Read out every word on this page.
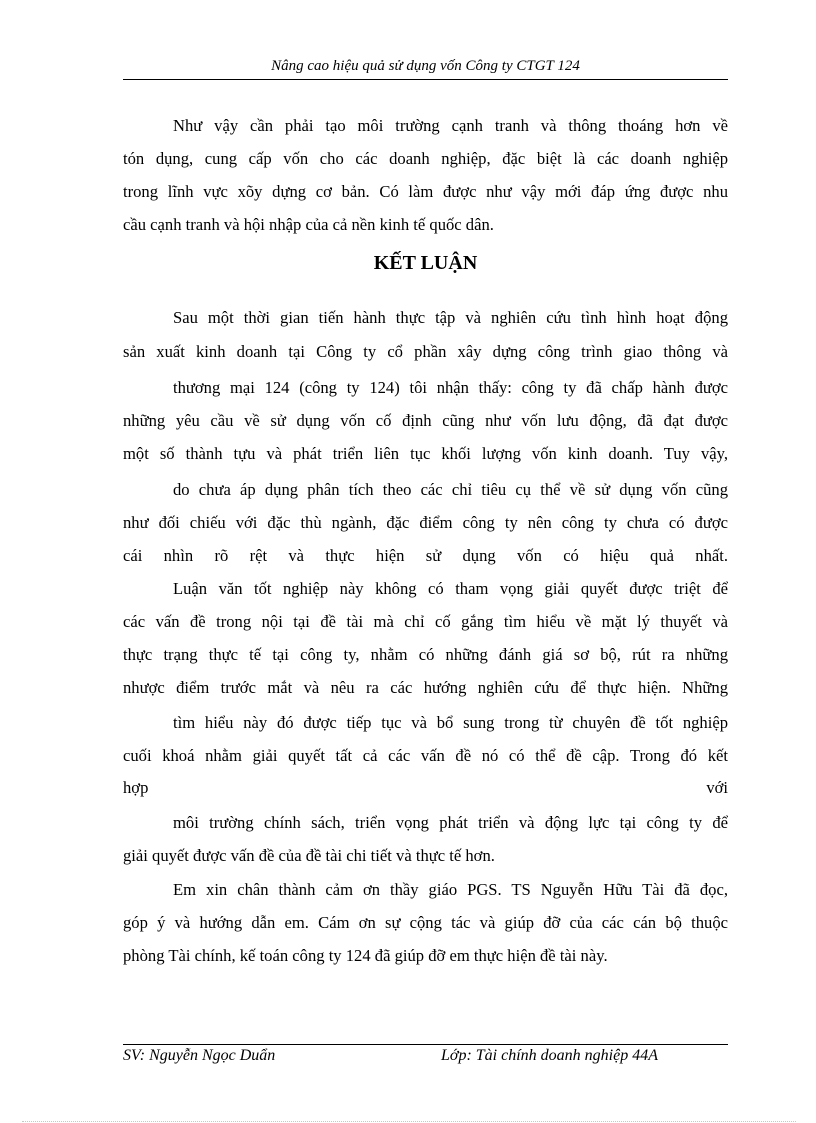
Nâng cao hiệu quả sử dụng vốn Công ty CTGT 124
Như vậy cần phải tạo môi trường cạnh tranh và thông thoáng hơn về
tón dụng, cung cấp vốn cho các doanh nghiệp, đặc biệt là các doanh nghiệp
trong lĩnh vực xõy dựng cơ bản. Có làm được như vậy mới đáp ứng được nhu
cầu cạnh tranh và hội nhập của cả nền kinh tế quốc dân.
KẾT LUẬN
Sau một thời gian tiến hành thực tập và nghiên cứu tình hình hoạt động
sản xuất kinh doanh tại Công ty cổ phần xây dựng công trình giao thông và
thương mại 124 (công ty 124) tôi nhận thấy: công ty đã chấp hành được
những yêu cầu về sử dụng vốn cố định cũng như vốn lưu động, đã đạt được
một số thành tựu và phát triển liên tục khối lượng vốn kinh doanh. Tuy vậy,
do chưa áp dụng phân tích theo các chỉ tiêu cụ thể về sử dụng vốn cũng
như đối chiếu với đặc thù ngành, đặc điểm công ty nên công ty chưa có được
cái nhìn rõ rệt và thực hiện sử dụng vốn có hiệu quả nhất.
Luận văn tốt nghiệp này không có tham vọng giải quyết được triệt để
các vấn đề trong nội tại đề tài mà chỉ cố gắng tìm hiểu về mặt lý thuyết và
thực trạng thực tế tại công ty, nhằm có những đánh giá sơ bộ, rút ra những
nhược điểm trước mắt và nêu ra các hướng nghiên cứu để thực hiện. Những
tìm hiểu này đó được tiếp tục và bổ sung trong từ chuyên đề tốt nghiệp
cuối khoá nhằm giải quyết tất cả các vấn đề nó có thể đề cập. Trong đó kết
hợp với
môi trường chính sách, triển vọng phát triển và động lực tại công ty để
giải quyết được vấn đề của đề tài chi tiết và thực tế hơn.
Em xin chân thành cảm ơn thầy giáo PGS. TS Nguyễn Hữu Tài đã đọc,
góp ý và hướng dẫn em. Cám ơn sự cộng tác và giúp đỡ của các cán bộ thuộc
phòng Tài chính, kế toán công ty 124 đã giúp đỡ em thực hiện đề tài này.
SV: Nguyễn Ngọc Duẩn	Lớp: Tài chính doanh nghiệp 44A
